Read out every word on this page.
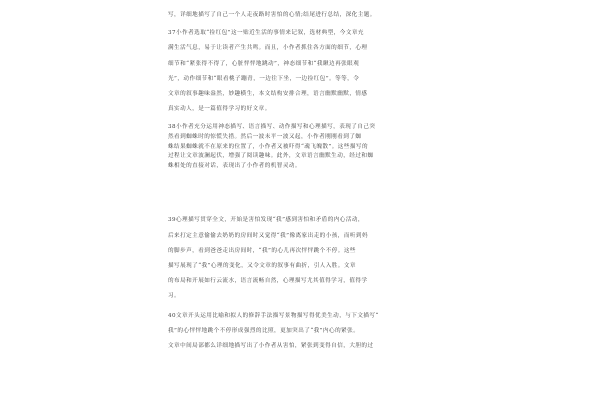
写，详细地描写了自己一个人走夜路时害怕的心情;结尾进行总结，深化主题。
37小作者选取“捡红包”这一贴近生活的事情来记叙，选材典型，今文章充
满生活气息，易于让读者产生共鸣。而且，小作者抓住各方面的细节，心理
细节和“紧张得不得了，心脏怦怦地跳动”，神态细节和“我瞅边再张眼观
光”，动作细节和“眼看桃子蹦青，一边往下坐，一边捡红包”。等等，令
文章的叙事趣味盎然，妙趣横生，本文结构安排合理，语言幽默幽默，情感
真实动人，是一篇值得学习的好文章。
38小作者充分运用神态描写、语言描写、动作描写和心理描写，表现了自己突
然看到蜘蛛时的惊慌失措。然后一波未平一波又起，小作者刚刚看到了蜘
蛛结果蜘蛛就不在原来的位置了，小作者又被吓得“魂飞魄散”。这些描写的
过程让文章波澜起伏，增强了阅读趣味。此外，文章语言幽默生动，经过和蜘
蛛相处的直接对话，表现出了小作者的机智灵动。
39心理描写贯穿全文，开始是害怕发现“我”感到害怕和矛盾的内心活动，
后来打定主意偷偷去奶奶的房间时又觉得“我”像离家出走的小孩，而听到妈
的脚步声，看到爸爸走出房间时，“我”的心儿再次怦怦跳个不停。这些
描写展现了“我”心理的变化，又令文章的叙事有曲折，引人入胜。文章
的布局和开展如行云流水，语言流畅自然，心理描写尤其值得学习，值得学
习。
40文章开头运用比喻和拟人的修辞手法描写景物描写得优美生动，与下文描写“
我”的心怦怦地跳个不停形成强烈的比照，更加突出了“我”内心的紧张。
文章中间局部都么详细地描写出了小作者从害怕，紧张到变得自信，大胆的过
